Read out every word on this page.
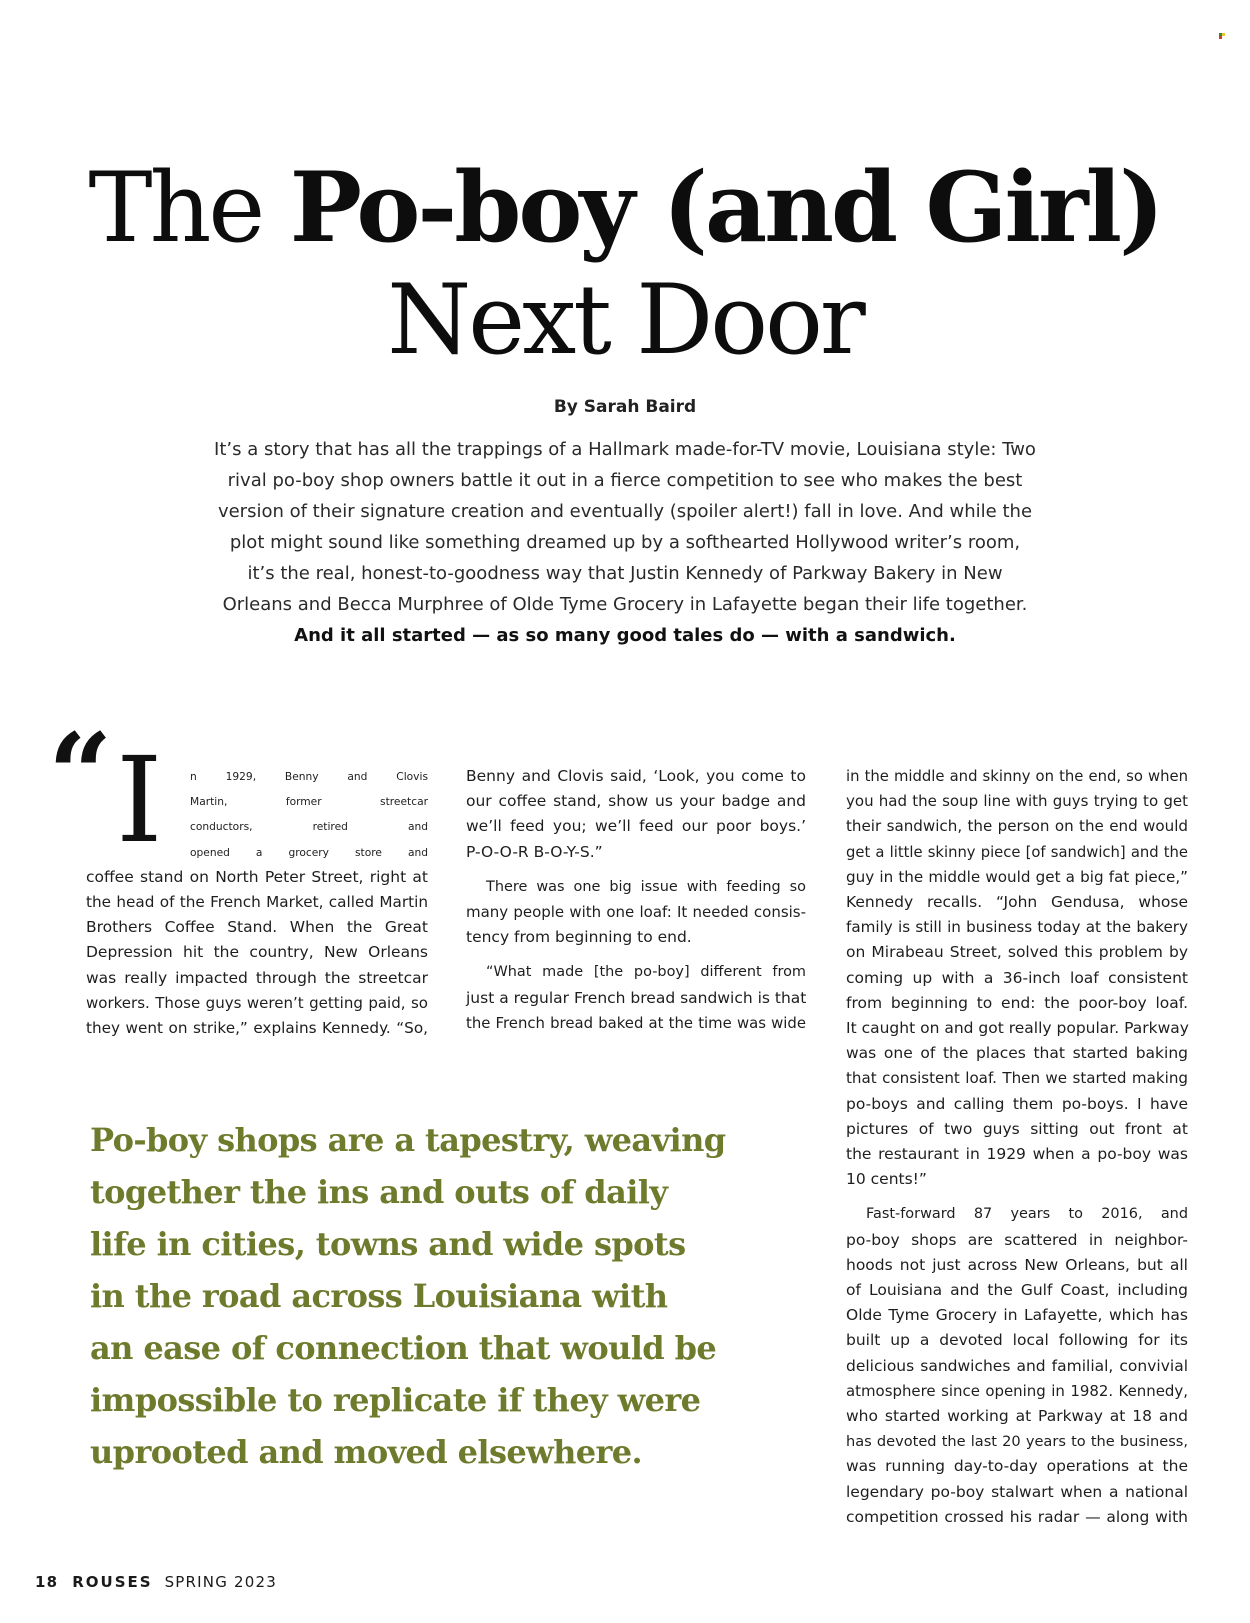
The Po-boy (and Girl)
Next Door
By Sarah Baird
It’s a story that has all the trappings of a Hallmark made-for-TV movie, Louisiana style: Two
rival po-boy shop owners battle it out in a fierce competition to see who makes the best
version of their signature creation and eventually (spoiler alert!) fall in love. And while the
plot might sound like something dreamed up by a softhearted Hollywood writer’s room,
it’s the real, honest-to-goodness way that Justin Kennedy of Parkway Bakery in New
Orleans and Becca Murphree of Olde Tyme Grocery in Lafayette began their life together.
And it all started — as so many good tales do — with a sandwich.
“ I	n 1929, Benny and Clovis
Martin, former streetcar
conductors, retired and
opened a grocery store and
coffee stand on North Peter Street, right at
the head of the French Market, called Martin
Brothers Coffee Stand. When the Great
Depression hit the country, New Orleans
was really impacted through the streetcar
workers. Those guys weren’t getting paid, so
they went on strike,” explains Kennedy. “So,

Benny and Clovis said, ‘Look, you come to
our coffee stand, show us your badge and
we’ll feed you; we’ll feed our poor boys.’
P-O-O-R B-O-Y-S.”

There was one big issue with feeding so
many people with one loaf: It needed consis-
tency from beginning to end.

“What made [the po-boy] different from
just a regular French bread sandwich is that
the French bread baked at the time was wide

in the middle and skinny on the end, so when
you had the soup line with guys trying to get
their sandwich, the person on the end would
get a little skinny piece [of sandwich] and the
guy in the middle would get a big fat piece,”
Kennedy recalls. “John Gendusa, whose
family is still in business today at the bakery
on Mirabeau Street, solved this problem by
coming up with a 36-inch loaf consistent
from beginning to end: the poor-boy loaf.
It caught on and got really popular. Parkway
was one of the places that started baking
that consistent loaf. Then we started making
po-boys and calling them po-boys. I have
pictures of two guys sitting out front at
the restaurant in 1929 when a po-boy was
10 cents!”

Fast-forward 87 years to 2016, and
po-boy shops are scattered in neighbor-
hoods not just across New Orleans, but all
of Louisiana and the Gulf Coast, including
Olde Tyme Grocery in Lafayette, which has
built up a devoted local following for its
delicious sandwiches and familial, convivial
atmosphere since opening in 1982. Kennedy,
who started working at Parkway at 18 and
has devoted the last 20 years to the business,
was running day-to-day operations at the
legendary po-boy stalwart when a national
competition crossed his radar — along with

Po-boy shops are a tapestry, weaving
together the ins and outs of daily
life in cities, towns and wide spots
in the road across Louisiana with
an ease of connection that would be
impossible to replicate if they were
uprooted and moved elsewhere.
18 ROUSES SPRING 2023
